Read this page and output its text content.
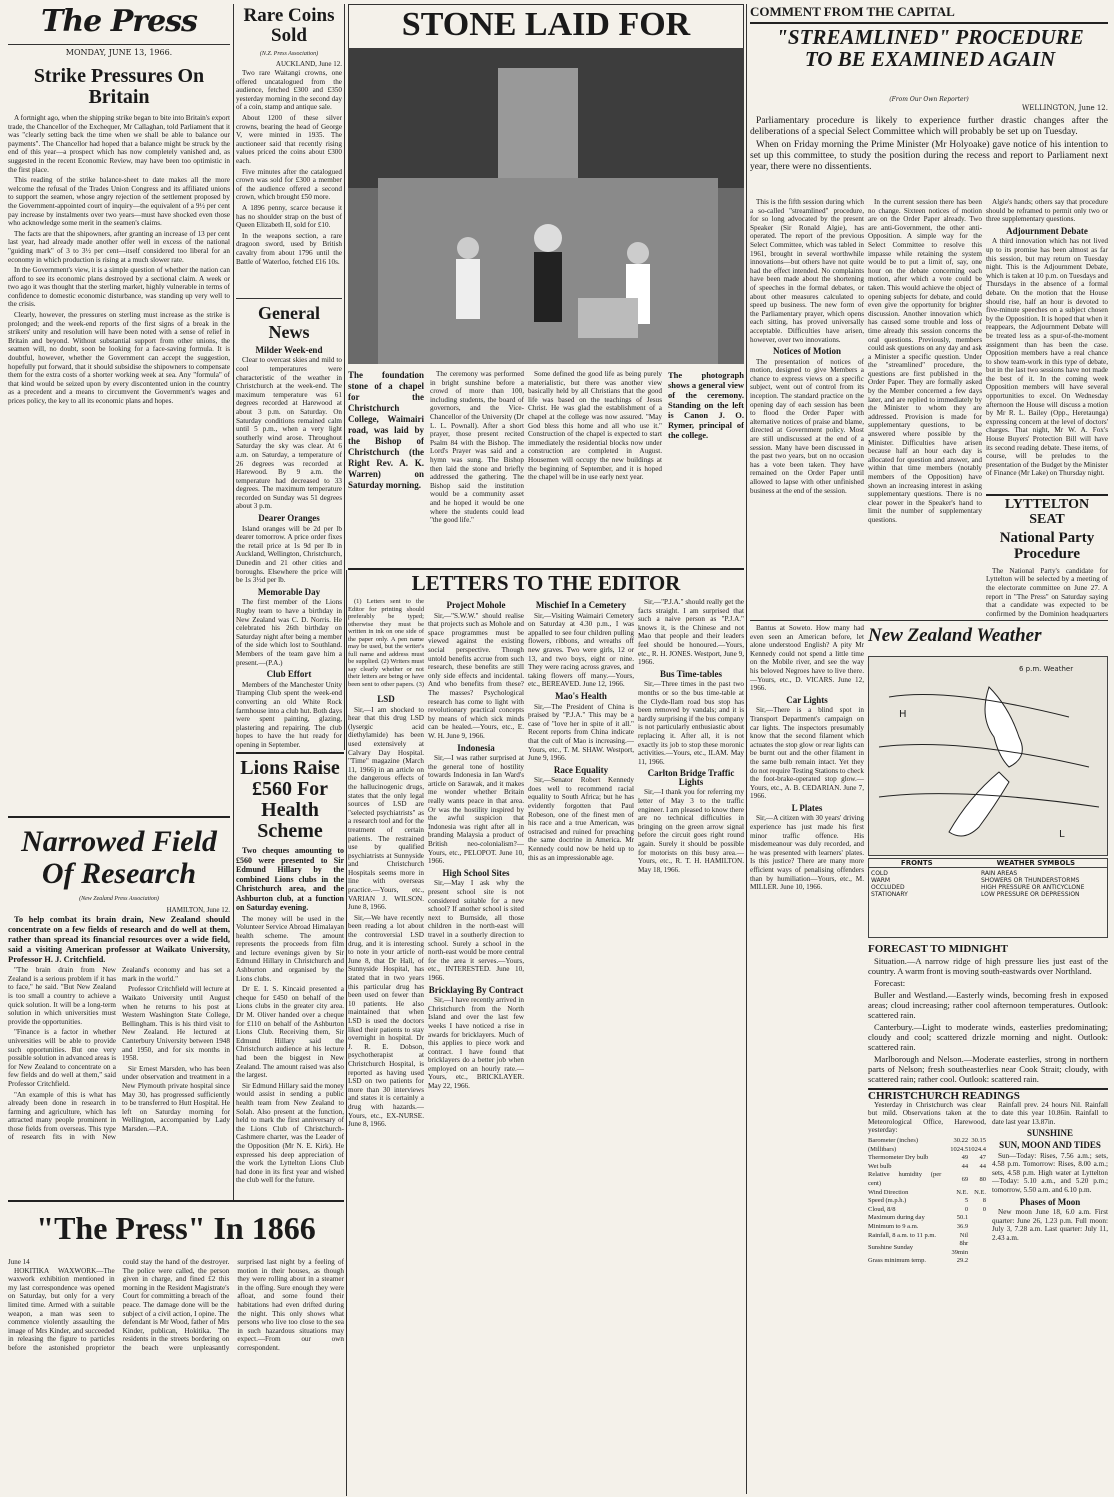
The Press
MONDAY, JUNE 13, 1966.
Strike Pressures On Britain

A fortnight ago, when the shipping strike began to bite into Britain's export trade, the Chancellor of the Exchequer, Mr Callaghan, told Parliament that it was "clearly setting back the time when we shall be able to balance our payments". The Chancellor had hoped that a balance might be struck by the end of this year—a prospect which has now completely vanished and, as suggested in the recent Economic Review, may have been too optimistic in the first place.

This reading of the strike balance-sheet to date makes all the more welcome the refusal of the Trades Union Congress and its affiliated unions to support the seamen, whose angry rejection of the settlement proposed by the Government-appointed court of inquiry—the equivalent of a 9½ per cent pay increase by instalments over two years—must have shocked even those who acknowledge some merit in the seamen's claims.

The facts are that the shipowners, after granting an increase of 13 per cent last year, had already made another offer well in excess of the national "guiding mark" of 3 to 3½ per cent—itself considered too liberal for an economy in which production is rising at a much slower rate.

In the Government's view, it is a simple question of whether the nation can afford to see its economic plans destroyed by a sectional claim. A week or two ago it was thought that the sterling market, highly vulnerable in terms of confidence to domestic economic disturbance, was standing up very well to the crisis.

Clearly, however, the pressures on sterling must increase as the strike is prolonged; and the week-end reports of the first signs of a break in the strikers' unity and resolution will have been noted with a sense of relief in Britain and beyond. Without substantial support from other unions, the seamen will, no doubt, soon be looking for a face-saving formula. It is doubtful, however, whether the Government can accept the suggestion, hopefully put forward, that it should subsidise the shipowners to compensate them for the extra costs of a shorter working week at sea. Any "formula" of that kind would be seized upon by every discontented union in the country as a precedent and a means to circumvent the Government's wages and prices policy, the key to all its economic plans and hopes.

Narrowed Field Of Research
(New Zealand Press Association)
HAMILTON, June 12.

To help combat its brain drain, New Zealand should concentrate on a few fields of research and do well at them, rather than spread its financial resources over a wide field, said a visiting American professor at Waikato University, Professor H. J. Critchfield.

"The brain drain from New Zealand is a serious problem if it has to face," he said. "But New Zealand is too small a country to achieve a quick solution. It will be a long-term solution in which universities must provide the opportunities.

"Finance is a factor in whether universities will be able to provide such opportunities. But one very possible solution in advanced areas is for New Zealand to concentrate on a few fields and do well at them," said Professor Critchfield.

"An example of this is what has already been done in research in farming and agriculture, which has attracted many people prominent in those fields from overseas. This type of research fits in with New Zealand's economy and has set a mark in the world."

Professor Critchfield will lecture at Waikato University until August when he returns to his post at Western Washington State College, Bellingham. This is his third visit to New Zealand. He lectured at Canterbury University between 1948 and 1950, and for six months in 1958.

Sir Ernest Marsden, who has been under observation and treatment in a New Plymouth private hospital since May 30, has progressed sufficiently to be transferred to Hutt Hospital. He left on Saturday morning for Wellington, accompanied by Lady Marsden.—P.A.

Rare Coins Sold
(N.Z. Press Association)
AUCKLAND, June 12.

Two rare Waitangi crowns, one offered uncatalogued from the audience, fetched £300 and £350 yesterday morning in the second day of a coin, stamp and antique sale.

About 1200 of these silver crowns, bearing the head of George V, were minted in 1935. The auctioneer said that recently rising values priced the coins about £300 each.

Five minutes after the catalogued crown was sold for £300 a member of the audience offered a second crown, which brought £50 more.

A 1896 penny, scarce because it has no shoulder strap on the bust of Queen Elizabeth II, sold for £10.

In the weapons section, a rare dragoon sword, used by British cavalry from about 1796 until the Battle of Waterloo, fetched £16 10s.

General News
Milder Week-end

Clear to overcast skies and mild to cool temperatures were characteristic of the weather in Christchurch at the week-end. The maximum temperature was 61 degrees recorded at Harewood at about 3 p.m. on Saturday. On Saturday conditions remained calm until 5 p.m., when a very light southerly wind arose. Throughout Saturday the sky was clear. At 6 a.m. on Saturday, a temperature of 26 degrees was recorded at Harewood. By 9 a.m. the temperature had decreased to 33 degrees. The maximum temperature recorded on Sunday was 51 degrees about 3 p.m.

Dearer Oranges

Island oranges will be 2d per lb dearer tomorrow. A price order fixes the retail price at 1s 9d per lb in Auckland, Wellington, Christchurch, Dunedin and 21 other cities and boroughs. Elsewhere the price will be 1s 3½d per lb.

Memorable Day

The first member of the Lions Rugby team to have a birthday in New Zealand was C. D. Norris. He celebrated his 26th birthday on Saturday night after being a member of the side which lost to Southland. Members of the team gave him a present.—(P.A.)

Club Effort

Members of the Manchester Unity Tramping Club spent the week-end converting an old White Rock farmhouse into a club hut. Both days were spent painting, glazing, plastering and repairing. The club hopes to have the hut ready for opening in September.

STONE LAID FOR

The foundation stone of a chapel for the Christchurch College, Waimairi road, was laid by the Bishop of Christchurch (the Right Rev. A. K. Warren) on Saturday morning.

The ceremony was performed in bright sunshine before a crowd of more than 100, including students, the board of governors, and the Vice-Chancellor of the University (Dr L. L. Pownall). After a short prayer, those present recited Psalm 84 with the Bishop. The Lord's Prayer was said and a hymn was sung. The Bishop then laid the stone and briefly addressed the gathering. The Bishop said the institution would be a community asset and he hoped it would be one where the students could lead "the good life."

Some defined the good life as being purely materialistic, but there was another view basically held by all Christians that the good life was based on the teachings of Jesus Christ. He was glad the establishment of a chapel at the college was now assured. "May God bless this home and all who use it." Construction of the chapel is expected to start immediately the residential blocks now under construction are completed in August. Housemen will occupy the new buildings at the beginning of September, and it is hoped the chapel will be in use early next year.

The photograph shows a general view of the ceremony. Standing on the left is Canon J. O. Rymer, principal of the college.

LETTERS TO THE EDITOR

(1) Letters sent to the Editor for printing should preferably be typed; otherwise they must be written in ink on one side of the paper only. A pen name may be used, but the writer's full name and address must be supplied. (2) Writers must say clearly whether or not their letters are being or have been sent to other papers. (3)

LSD

Sir,—I am shocked to hear that this drug LSD (lysergic acid diethylamide) has been used extensively at Calvary Day Hospital. "Time" magazine (March 11, 1966) in an article on the dangerous effects of the hallucinogenic drugs, states that the only legal sources of LSD are "selected psychiatrists" as a research tool and for the treatment of certain patients. The restrained use by qualified psychiatrists at Sunnyside and Christchurch Hospitals seems more in line with overseas practice.—Yours, etc., VARIAN J. WILSON. June 8, 1966.

Sir,—We have recently been reading a lot about the controversial LSD drug, and it is interesting to note in your article of June 8, that Dr Hall, of Sunnyside Hospital, has stated that in two years this particular drug has been used on fewer than 10 patients. He also maintained that when LSD is used the doctors liked their patients to stay overnight in hospital. Dr J. R. E. Dobson, psychotherapist at Christchurch Hospital, is reported as having used LSD on two patients for more than 30 interviews and states it is certainly a drug with hazards.—Yours, etc., EX-NURSE. June 8, 1966.

Project Mohole

Sir,—"S.W.W." should realise that projects such as Mohole and space programmes must be viewed against the existing social perspective. Though untold benefits accrue from such research, these benefits are still only side effects and incidental. And who benefits from these? The masses? Psychological research has come to light with revolutionary practical concepts by means of which sick minds can be healed.—Yours, etc., E. W. H. June 9, 1966.

Indonesia

Sir,—I was rather surprised at the general tone of hostility towards Indonesia in Ian Ward's article on Sarawak, and it makes me wonder whether Britain really wants peace in that area. Or was the hostility inspired by the awful suspicion that Indonesia was right after all in branding Malaysia a product of British neo-colonialism?—Yours, etc., PELOPOT. June 10, 1966.

High School Sites

Sir,—May I ask why the present school site is not considered suitable for a new school? If another school is sited next to Burnside, all those children in the north-east will travel in a southerly direction to school. Surely a school in the north-east would be more central for the area it serves.—Yours, etc., INTERESTED. June 10, 1966.

Bricklaying By Contract

Sir,—I have recently arrived in Christchurch from the North Island and over the last few weeks I have noticed a rise in awards for bricklayers. Much of this applies to piece work and contract. I have found that bricklayers do a better job when employed on an hourly rate.—Yours, etc., BRICKLAYER. May 22, 1966.

Mischief In a Cemetery

Sir,—Visiting Waimairi Cemetery on Saturday at 4.30 p.m., I was appalled to see four children pulling flowers, ribbons, and wreaths off new graves. Two were girls, 12 or 13, and two boys, eight or nine. They were racing across graves, and taking flowers off many.—Yours, etc., BEREAVED. June 12, 1966.

Mao's Health

Sir,—The President of China is praised by "P.J.A." This may be a case of "love her in spite of it all." Recent reports from China indicate that the cult of Mao is increasing.—Yours, etc., T. M. SHAW. Westport, June 9, 1966.

Race Equality

Sir,—Senator Robert Kennedy does well to recommend racial equality to South Africa; but he has evidently forgotten that Paul Robeson, one of the finest men of his race and a true American, was ostracised and ruined for preaching the same doctrine in America. Mr Kennedy could now be held up to this as an impressionable age.

Sir,—"P.J.A." should really get the facts straight. I am surprised that such a naive person as "P.J.A." knows it, is the Chinese and not Mao that people and their leaders feel should be honoured.—Yours, etc., R. H. JONES. Westport, June 9, 1966.

Bus Time-tables

Sir,—Three times in the past two months or so the bus time-table at the Clyde-Ilam road bus stop has been removed by vandals; and it is hardly surprising if the bus company is not particularly enthusiastic about replacing it. After all, it is not exactly its job to stop these moronic activities.—Yours, etc., ILAM. May 11, 1966.

Carlton Bridge Traffic Lights

Sir,—I thank you for referring my letter of May 3 to the traffic engineer. I am pleased to know there are no technical difficulties in bringing on the green arrow signal before the circuit goes right round again. Surely it should be possible for motorists on this busy area.—Yours, etc., R. T. H. HAMILTON. May 18, 1966.

Lions Raise £560 For Health Scheme

Two cheques amounting to £560 were presented to Sir Edmund Hillary by the combined Lions clubs in the Christchurch area, and the Ashburton club, at a function on Saturday evening.

The money will be used in the Volunteer Service Abroad Himalayan health scheme. The amount represents the proceeds from film and lecture evenings given by Sir Edmund Hillary in Christchurch and Ashburton and organised by the Lions clubs.

Dr E. I. S. Kincaid presented a cheque for £450 on behalf of the Lions clubs in the greater city area. Dr M. Oliver handed over a cheque for £110 on behalf of the Ashburton Lions Club. Receiving them, Sir Edmund Hillary said the Christchurch audience at his lecture had been the biggest in New Zealand. The amount raised was also the largest.

Sir Edmund Hillary said the money would assist in sending a public health team from New Zealand to Solah. Also present at the function, held to mark the first anniversary of the Lions Club of Christchurch-Cashmere charter, was the Leader of the Opposition (Mr N. E. Kirk). He expressed his deep appreciation of the work the Lyttelton Lions Club had done in its first year and wished the club well for the future.

"The Press" In 1866
June 14

HOKITIKA WAXWORK—The waxwork exhibition mentioned in my last correspondence was opened on Saturday, but only for a very limited time. Armed with a suitable weapon, a man was seen to commence violently assaulting the image of Mrs Kinder, and succeeded in releasing the figure to particles before the astonished proprietor could stay the hand of the destroyer. The police were called, the person given in charge, and fined £2 this morning in the Resident Magistrate's Court for committing a breach of the peace. The damage done will be the subject of a civil action, I opine. The defendant is Mr Wood, father of Mrs Kinder, publican, Hokitika. The residents in the streets bordering on the beach were unpleasantly surprised last night by a feeling of motion in their houses, as though they were rolling about in a steamer in the offing. Sure enough they were afloat, and some found their habitations had even drifted during the night. This only shows what persons who live too close to the sea in such hazardous situations may expect.—From our own correspondent.

COMMENT FROM THE CAPITAL
"STREAMLINED" PROCEDURE TO BE EXAMINED AGAIN
(From Our Own Reporter)
WELLINGTON, June 12.

Parliamentary procedure is likely to experience further drastic changes after the deliberations of a special Select Committee which will probably be set up on Tuesday.

When on Friday morning the Prime Minister (Mr Holyoake) gave notice of his intention to set up this committee, to study the position during the recess and report to Parliament next year, there were no dissentients.

This is the fifth session during which a so-called "streamlined" procedure, for so long advocated by the present Speaker (Sir Ronald Algie), has operated. The report of the previous Select Committee, which was tabled in 1961, brought in several worthwhile innovations—but others have not quite had the effect intended. No complaints have been made about the shortening of speeches in the formal debates, or about other measures calculated to speed up business. The new form of the Parliamentary prayer, which opens each sitting, has proved universally acceptable. Difficulties have arisen, however, over two innovations.

Notices of Motion

The presentation of notices of motion, designed to give Members a chance to express views on a specific subject, went out of control from its inception. The standard practice on the opening day of each session has been to flood the Order Paper with alternative notices of praise and blame, directed at Government policy. Most are still undiscussed at the end of a session. Many have been discussed in the past two years, but on no occasion has a vote been taken. They have remained on the Order Paper until allowed to lapse with other unfinished business at the end of the session.

In the current session there has been no change. Sixteen notices of motion are on the Order Paper already. Two are anti-Government, the other anti-Opposition. A simple way for the Select Committee to resolve this impasse while retaining the system would be to put a limit of, say, one hour on the debate concerning each motion, after which a vote could be taken. This would achieve the object of opening subjects for debate, and could even give the opportunity for brighter discussion. Another innovation which has caused some trouble and loss of time already this session concerns the oral questions. Previously, members could ask questions on any day and ask a Minister a specific question. Under the "streamlined" procedure, the questions are first published in the Order Paper. They are formally asked by the Member concerned a few days later, and are replied to immediately by the Minister to whom they are addressed. Provision is made for supplementary questions, to be answered where possible by the Minister. Difficulties have arisen because half an hour each day is allocated for question and answer, and within that time members (notably members of the Opposition) have shown an increasing interest in asking supplementary questions. There is no clear power in the Speaker's hand to limit the number of supplementary questions.

Algie's hands; others say that procedure should be reframed to permit only two or three supplementary questions.

Adjournment Debate

A third innovation which has not lived up to its promise has been almost as far this session, but may return on Tuesday night. This is the Adjournment Debate, which is taken at 10 p.m. on Tuesdays and Thursdays in the absence of a formal debate. On the motion that the House should rise, half an hour is devoted to five-minute speeches on a subject chosen by the Opposition. It is hoped that when it reappears, the Adjournment Debate will be treated less as a spur-of-the-moment assignment than has been the case. Opposition members have a real chance to show team-work in this type of debate, but in the last two sessions have not made the best of it. In the coming week Opposition members will have several opportunities to excel. On Wednesday afternoon the House will discuss a motion by Mr R. L. Bailey (Opp., Heretaunga) expressing concern at the level of doctors' charges. That night, Mr W. A. Fox's House Buyers' Protection Bill will have its second reading debate. These items, of course, will be preludes to the presentation of the Budget by the Minister of Finance (Mr Lake) on Thursday night.

LYTTELTON SEAT
National Party Procedure

The National Party's candidate for Lyttelton will be selected by a meeting of the electorate committee on June 27. A report in "The Press" on Saturday saying that a candidate was expected to be confirmed by the Dominion headquarters

Bantus at Soweto. How many had even seen an American before, let alone understood English? A pity Mr Kennedy could not spend a little time on the Mobile river, and see the way his beloved Negroes have to live there.—Yours, etc., D. VICARS. June 12, 1966.

Car Lights

Sir,—There is a blind spot in Transport Department's campaign on car lights. The inspectors presumably know that the second filament which actuates the stop glow or rear lights can be burnt out and the other filament in the same bulb remain intact. Yet they do not require Testing Stations to check the foot-brake-operated stop glow.—Yours, etc., A. B. CEDARIAN. June 7, 1966.

L Plates

Sir,—A citizen with 30 years' driving experience has just made his first minor traffic offence. His misdemeanour was duly recorded, and he was presented with learners' plates. Is this justice? There are many more efficient ways of penalising offenders than by humiliation—Yours, etc., M. MILLER. June 10, 1966.

New Zealand Weather
6 p.m. Weather
H
L
FRONTS	WEATHER SYMBOLS
COLD
WARM
OCCLUDED
STATIONARY
RAIN AREAS
SHOWERS OR THUNDERSTORMS
HIGH PRESSURE OR ANTICYCLONE
LOW PRESSURE OR DEPRESSION
FORECAST TO MIDNIGHT

Situation.—A narrow ridge of high pressure lies just east of the country. A warm front is moving south-eastwards over Northland.

Forecast:

Buller and Westland.—Easterly winds, becoming fresh in exposed areas; cloud increasing; rather cool afternoon temperatures. Outlook: scattered rain.

Canterbury.—Light to moderate winds, easterlies predominating; cloudy and cool; scattered drizzle morning and night. Outlook: scattered rain.

Marlborough and Nelson.—Moderate easterlies, strong in northern parts of Nelson; fresh southeasterlies near Cook Strait; cloudy, with scattered rain; rather cool. Outlook: scattered rain.

CHRISTCHURCH READINGS

Yesterday in Christchurch was clear but mild. Observations taken at the Meteorological Office, Harewood, yesterday:

Barometer (inches)	30.22	30.15
(Millibars)	1024.5	1024.4
Thermometer Dry bulb	49	47
Wet bulb	44	44
Relative humidity (per cent)	69	80
Wind Direction	N.E.	N.E.
Speed (m.p.h.)	5	8
Cloud, 8/8	0	0
Maximum during day	50.1	
Minimum to 9 a.m.	36.9	
Rainfall, 8 a.m. to 11 p.m.	Nil	
Sunshine Sunday	8hr 39min	
Grass minimum temp.	29.2	

Rainfall prev. 24 hours Nil. Rainfall to date this year 10.86in. Rainfall to date last year 13.87in.

SUNSHINE
SUN, MOON AND TIDES

Sun—Today: Rises, 7.56 a.m.; sets, 4.58 p.m. Tomorrow: Rises, 8.00 a.m.; sets, 4.58 p.m. High water at Lyttelton—Today: 5.10 a.m., and 5.20 p.m.; tomorrow, 5.50 a.m. and 6.10 p.m.

Phases of Moon

New moon June 18, 6.0 a.m. First quarter: June 26, 1.23 p.m. Full moon: July 3, 7.28 a.m. Last quarter: July 11, 2.43 a.m.
